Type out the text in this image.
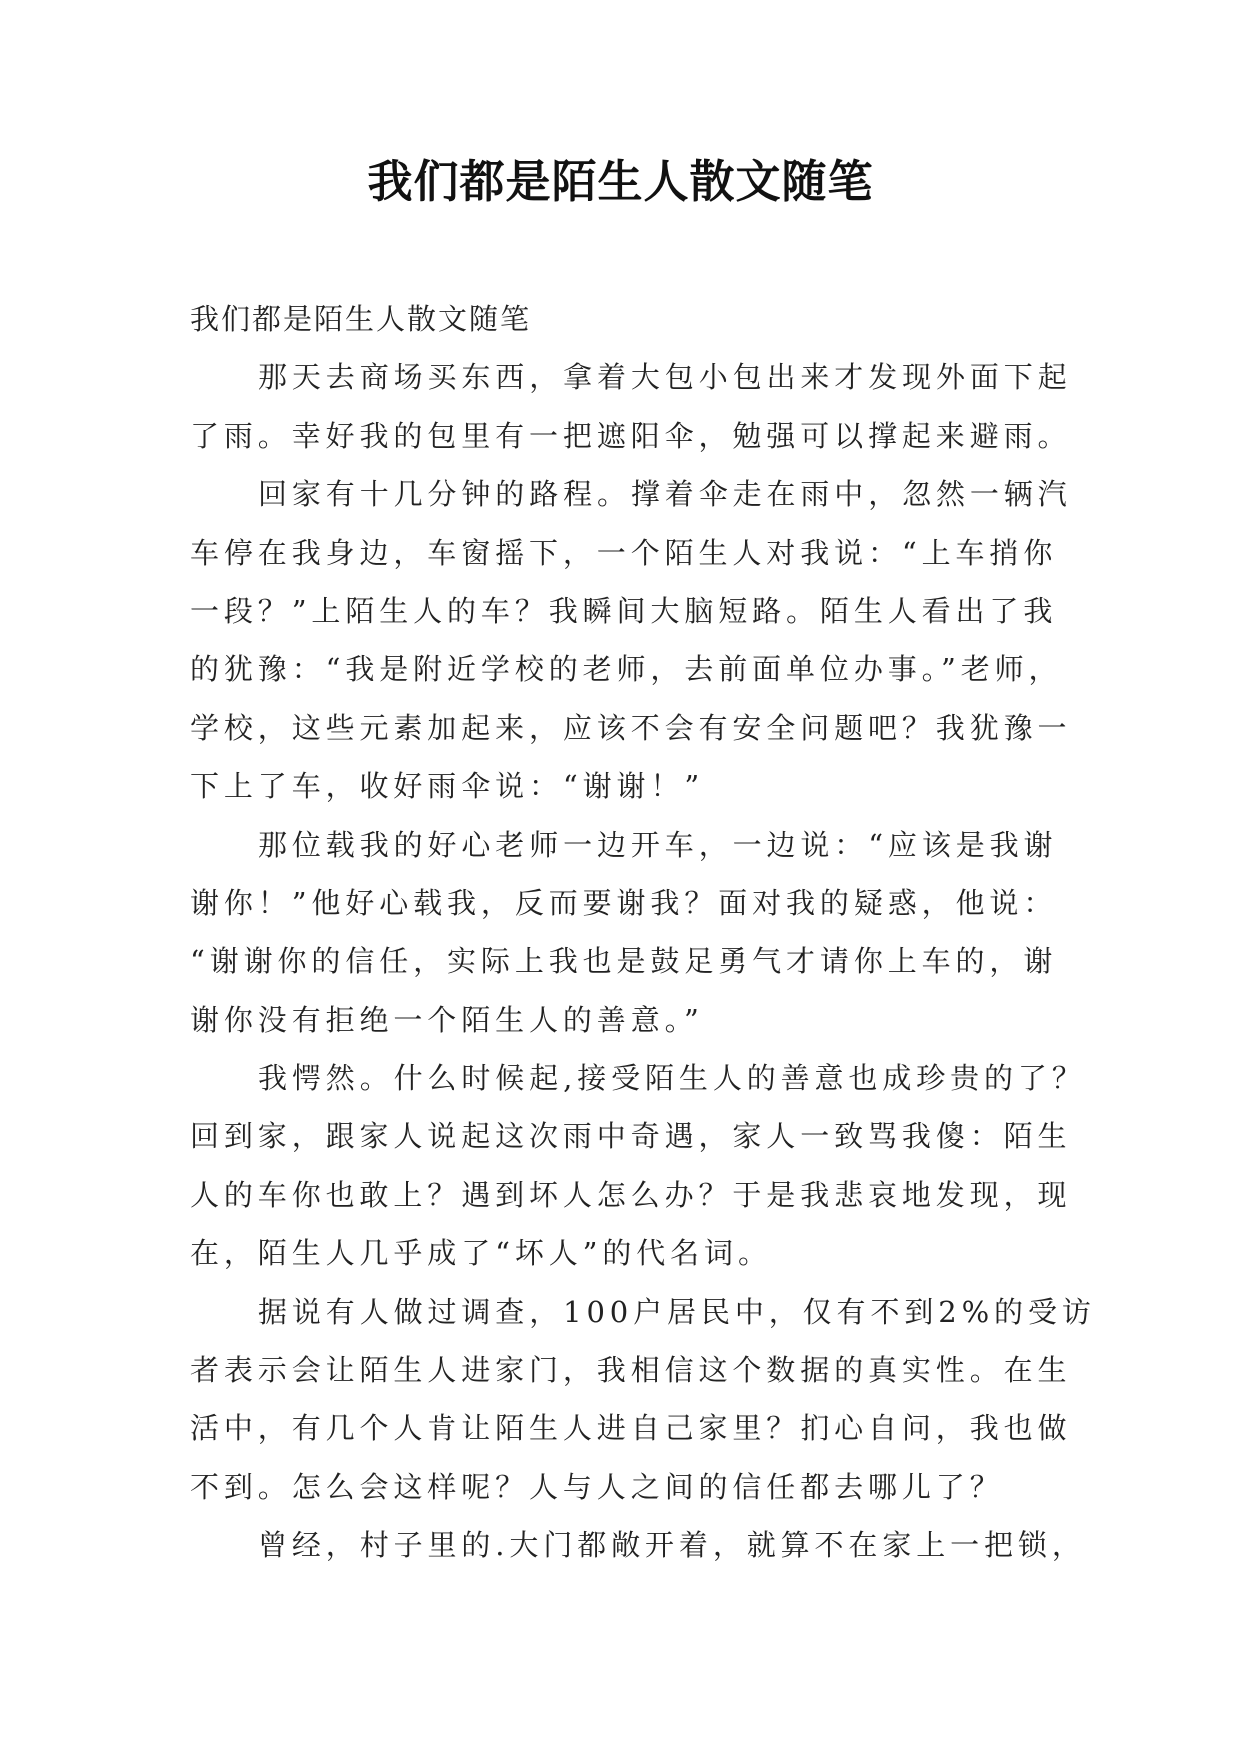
我们都是陌生人散文随笔
我们都是陌生人散文随笔
那天去商场买东西，拿着大包小包出来才发现外面下起
了雨。幸好我的包里有一把遮阳伞，勉强可以撑起来避雨。
回家有十几分钟的路程。撑着伞走在雨中，忽然一辆汽
车停在我身边，车窗摇下，一个陌生人对我说：“上车捎你
一段？”上陌生人的车？我瞬间大脑短路。陌生人看出了我
的犹豫：“我是附近学校的老师，去前面单位办事。”老师，
学校，这些元素加起来，应该不会有安全问题吧？我犹豫一
下上了车，收好雨伞说：“谢谢！”
那位载我的好心老师一边开车，一边说：“应该是我谢
谢你！”他好心载我，反而要谢我？面对我的疑惑，他说：
“谢谢你的信任，实际上我也是鼓足勇气才请你上车的，谢
谢你没有拒绝一个陌生人的善意。”
我愕然。什么时候起,接受陌生人的善意也成珍贵的了？
回到家，跟家人说起这次雨中奇遇，家人一致骂我傻：陌生
人的车你也敢上？遇到坏人怎么办？于是我悲哀地发现，现
在，陌生人几乎成了“坏人”的代名词。
据说有人做过调查，100户居民中，仅有不到2%的受访
者表示会让陌生人进家门，我相信这个数据的真实性。在生
活中，有几个人肯让陌生人进自己家里？扪心自问，我也做
不到。怎么会这样呢？人与人之间的信任都去哪儿了？
曾经，村子里的.大门都敞开着，就算不在家上一把锁，
